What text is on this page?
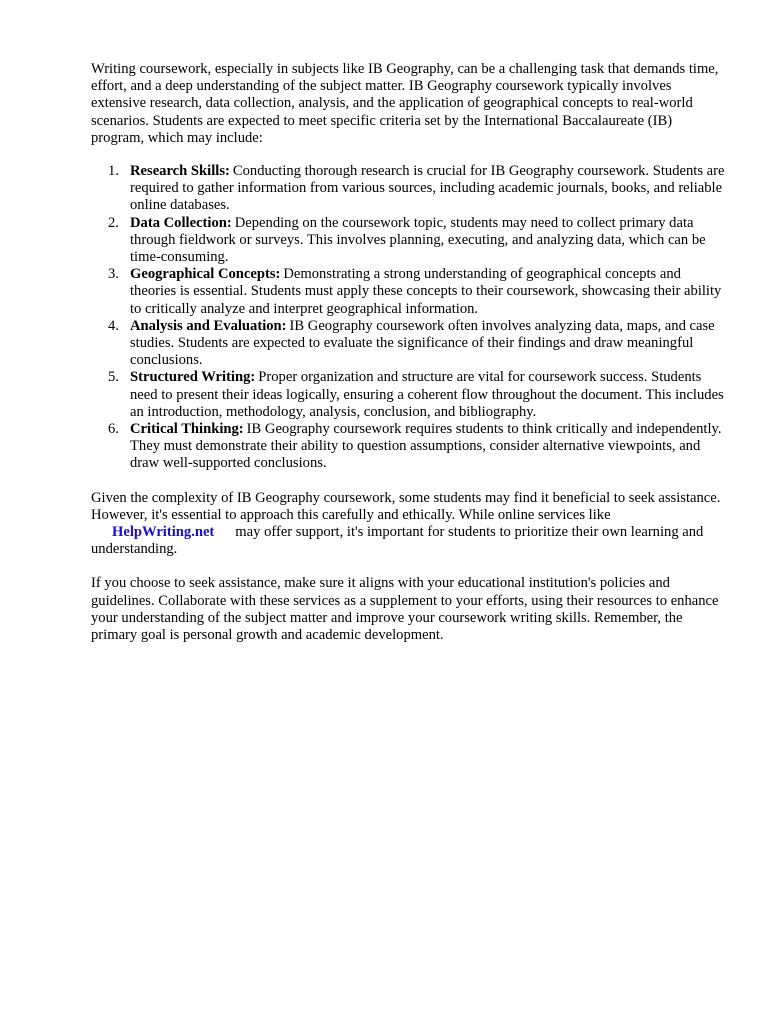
Writing coursework, especially in subjects like IB Geography, can be a challenging task that demands time, effort, and a deep understanding of the subject matter. IB Geography coursework typically involves extensive research, data collection, analysis, and the application of geographical concepts to real-world scenarios. Students are expected to meet specific criteria set by the International Baccalaureate (IB) program, which may include:

1. Research Skills: Conducting thorough research is crucial for IB Geography coursework. Students are required to gather information from various sources, including academic journals, books, and reliable online databases.
2. Data Collection: Depending on the coursework topic, students may need to collect primary data through fieldwork or surveys. This involves planning, executing, and analyzing data, which can be time-consuming.
3. Geographical Concepts: Demonstrating a strong understanding of geographical concepts and theories is essential. Students must apply these concepts to their coursework, showcasing their ability to critically analyze and interpret geographical information.
4. Analysis and Evaluation: IB Geography coursework often involves analyzing data, maps, and case studies. Students are expected to evaluate the significance of their findings and draw meaningful conclusions.
5. Structured Writing: Proper organization and structure are vital for coursework success. Students need to present their ideas logically, ensuring a coherent flow throughout the document. This includes an introduction, methodology, analysis, conclusion, and bibliography.
6. Critical Thinking: IB Geography coursework requires students to think critically and independently. They must demonstrate their ability to question assumptions, consider alternative viewpoints, and draw well-supported conclusions.

Given the complexity of IB Geography coursework, some students may find it beneficial to seek assistance. However, it's essential to approach this carefully and ethically. While online services like HelpWriting.net may offer support, it's important for students to prioritize their own learning and understanding.

If you choose to seek assistance, make sure it aligns with your educational institution's policies and guidelines. Collaborate with these services as a supplement to your efforts, using their resources to enhance your understanding of the subject matter and improve your coursework writing skills. Remember, the primary goal is personal growth and academic development.
